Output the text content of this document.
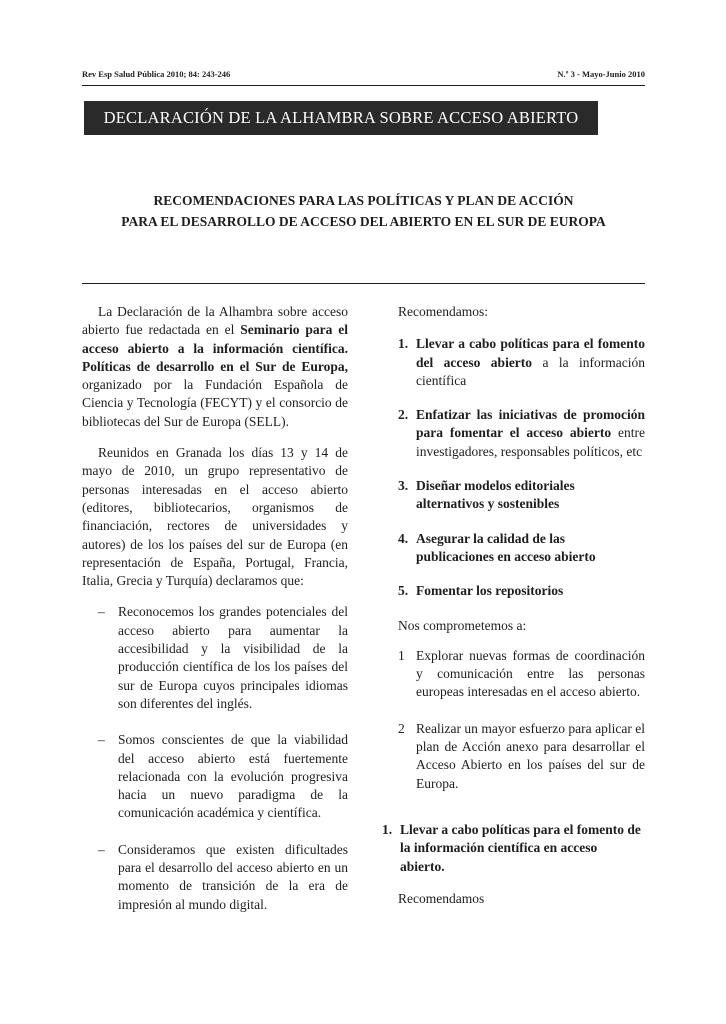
Rev Esp Salud Pública 2010; 84: 243-246	N.º 3 - Mayo-Junio 2010
DECLARACIÓN DE LA ALHAMBRA SOBRE ACCESO ABIERTO
RECOMENDACIONES PARA LAS POLÍTICAS Y PLAN DE ACCIÓN
PARA EL DESARROLLO DE ACCESO DEL ABIERTO EN EL SUR DE EUROPA

La Declaración de la Alhambra sobre acceso abierto fue redactada en el Seminario para el acceso abierto a la información científica. Políticas de desarrollo en el Sur de Europa, organizado por la Fundación Española de Ciencia y Tecnología (FECYT) y el consorcio de bibliotecas del Sur de Europa (SELL).

Reunidos en Granada los días 13 y 14 de mayo de 2010, un grupo representativo de personas interesadas en el acceso abierto (editores, bibliotecarios, organismos de financiación, rectores de universidades y autores) de los los países del sur de Europa (en representación de España, Portugal, Francia, Italia, Grecia y Turquía) declaramos que:

– Reconocemos los grandes potenciales del acceso abierto para aumentar la accesibilidad y la visibilidad de la producción científica de los los países del sur de Europa cuyos principales idiomas son diferentes del inglés.
– Somos conscientes de que la viabilidad del acceso abierto está fuertemente relacionada con la evolución progresiva hacia un nuevo paradigma de la comunicación académica y científica.
– Consideramos que existen dificultades para el desarrollo del acceso abierto en un momento de transición de la era de impresión al mundo digital.
Recomendamos:
1. Llevar a cabo políticas para el fomento del acceso abierto a la información científica
2. Enfatizar las iniciativas de promoción para fomentar el acceso abierto entre investigadores, responsables políticos, etc
3. Diseñar modelos editoriales alternativos y sostenibles
4. Asegurar la calidad de las publicaciones en acceso abierto
5. Fomentar los repositorios
Nos comprometemos a:
1 Explorar nuevas formas de coordinación y comunicación entre las personas europeas interesadas en el acceso abierto.
2 Realizar un mayor esfuerzo para aplicar el plan de Acción anexo para desarrollar el Acceso Abierto en los países del sur de Europa.
1. Llevar a cabo políticas para el fomento de la información científica en acceso abierto.
Recomendamos
